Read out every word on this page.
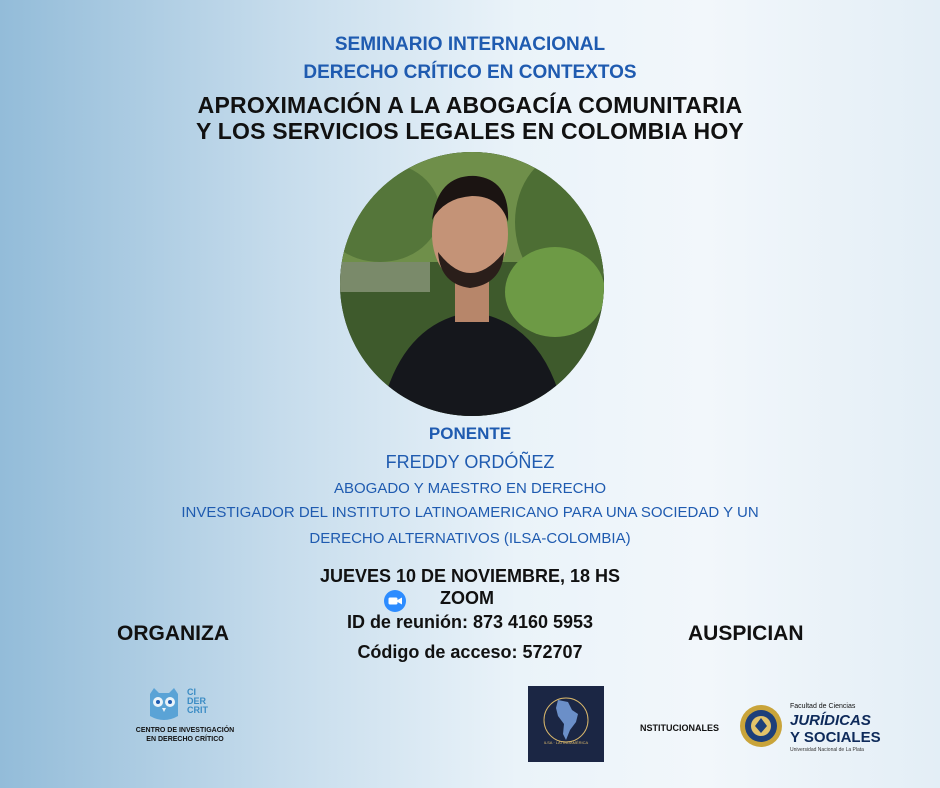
SEMINARIO INTERNACIONAL
DERECHO CRÍTICO EN CONTEXTOS
APROXIMACIÓN A LA ABOGACÍA COMUNITARIA
Y LOS SERVICIOS LEGALES EN COLOMBIA HOY
PONENTE
FREDDY ORDÓÑEZ
ABOGADO Y MAESTRO EN DERECHO
INVESTIGADOR DEL INSTITUTO LATINOAMERICANO PARA UNA SOCIEDAD Y UN
DERECHO ALTERNATIVOS (ILSA-COLOMBIA)
JUEVES 10 DE NOVIEMBRE, 18 HS
ZOOM
ID de reunión: 873 4160 5953
Código de acceso: 572707
ORGANIZA	AUSPICIAN
CI
DER
CRIT
CENTRO DE INVESTIGACIÓN
EN DERECHO CRÍTICO	ILSA · LATINOAMÉRICA
NSTITUCIONALES
Facultad de Ciencias
JURÍDICAS
Y SOCIALES
Universidad Nacional de La Plata
